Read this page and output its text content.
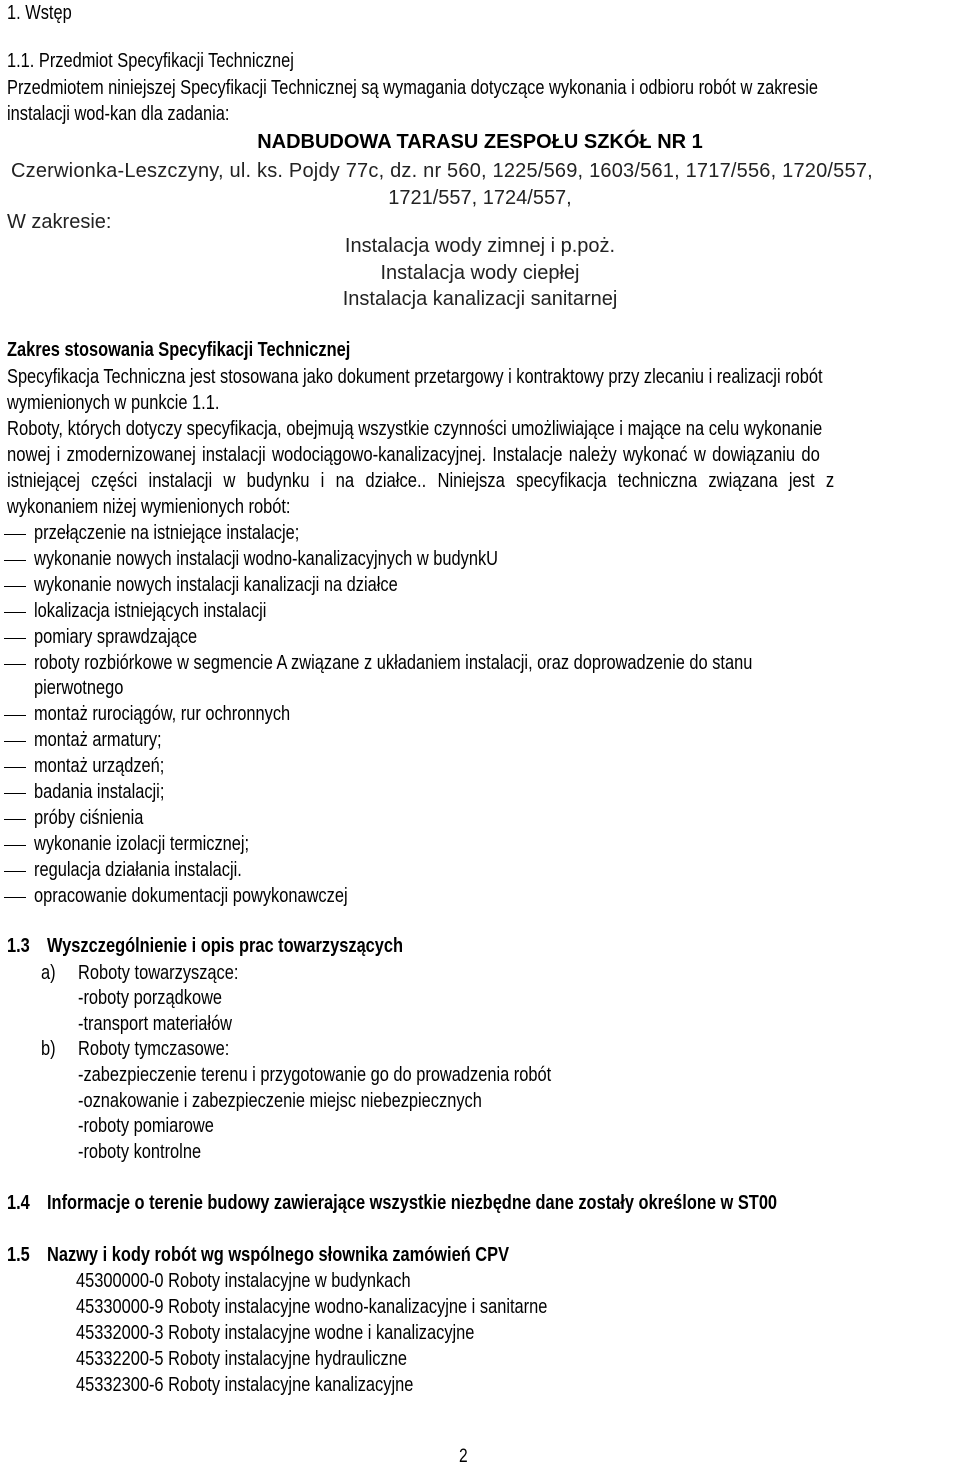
1. Wstęp
1.1. Przedmiot Specyfikacji Technicznej
Przedmiotem niniejszej Specyfikacji Technicznej są wymagania dotyczące wykonania i odbioru robót w zakresie
instalacji wod-kan dla zadania:
NADBUDOWA TARASU ZESPOŁU SZKÓŁ NR 1
Czerwionka-Leszczyny, ul. ks. Pojdy 77c, dz. nr 560, 1225/569, 1603/561, 1717/556, 1720/557,
1721/557, 1724/557,
W zakresie:
Instalacja wody zimnej i p.poż.
Instalacja wody ciepłej
Instalacja kanalizacji sanitarnej
Zakres stosowania Specyfikacji Technicznej
Specyfikacja Techniczna jest stosowana jako dokument przetargowy i kontraktowy przy zlecaniu i realizacji robót
wymienionych w punkcie 1.1.
Roboty, których dotyczy specyfikacja, obejmują wszystkie czynności umożliwiające i mające na celu wykonanie
nowej i zmodernizowanej instalacji wodociągowo-kanalizacyjnej. Instalacje należy wykonać w dowiązaniu do
istniejącej części instalacji w budynku i na działce.. Niniejsza specyfikacja techniczna związana jest z
wykonaniem niżej wymienionych robót:
przełączenie na istniejące instalacje;
wykonanie nowych instalacji wodno-kanalizacyjnych w budynkU
wykonanie nowych instalacji kanalizacji na działce
lokalizacja istniejących instalacji
pomiary sprawdzające
roboty rozbiórkowe w segmencie A związane z układaniem instalacji, oraz doprowadzenie do stanu
pierwotnego
montaż rurociągów, rur ochronnych
montaż armatury;
montaż urządzeń;
badania instalacji;
próby ciśnienia
wykonanie izolacji termicznej;
regulacja działania instalacji.
opracowanie dokumentacji powykonawczej
1.3 Wyszczególnienie i opis prac towarzyszących
a) Roboty towarzyszące:
-roboty porządkowe
-transport materiałów
b) Roboty tymczasowe:
-zabezpieczenie terenu i przygotowanie go do prowadzenia robót
-oznakowanie i zabezpieczenie miejsc niebezpiecznych
-roboty pomiarowe
-roboty kontrolne
1.4 Informacje o terenie budowy zawierające wszystkie niezbędne dane zostały określone w ST00
1.5 Nazwy i kody robót wg wspólnego słownika zamówień CPV
45300000-0 Roboty instalacyjne w budynkach
45330000-9 Roboty instalacyjne wodno-kanalizacyjne i sanitarne
45332000-3 Roboty instalacyjne wodne i kanalizacyjne
45332200-5 Roboty instalacyjne hydrauliczne
45332300-6 Roboty instalacyjne kanalizacyjne
2
